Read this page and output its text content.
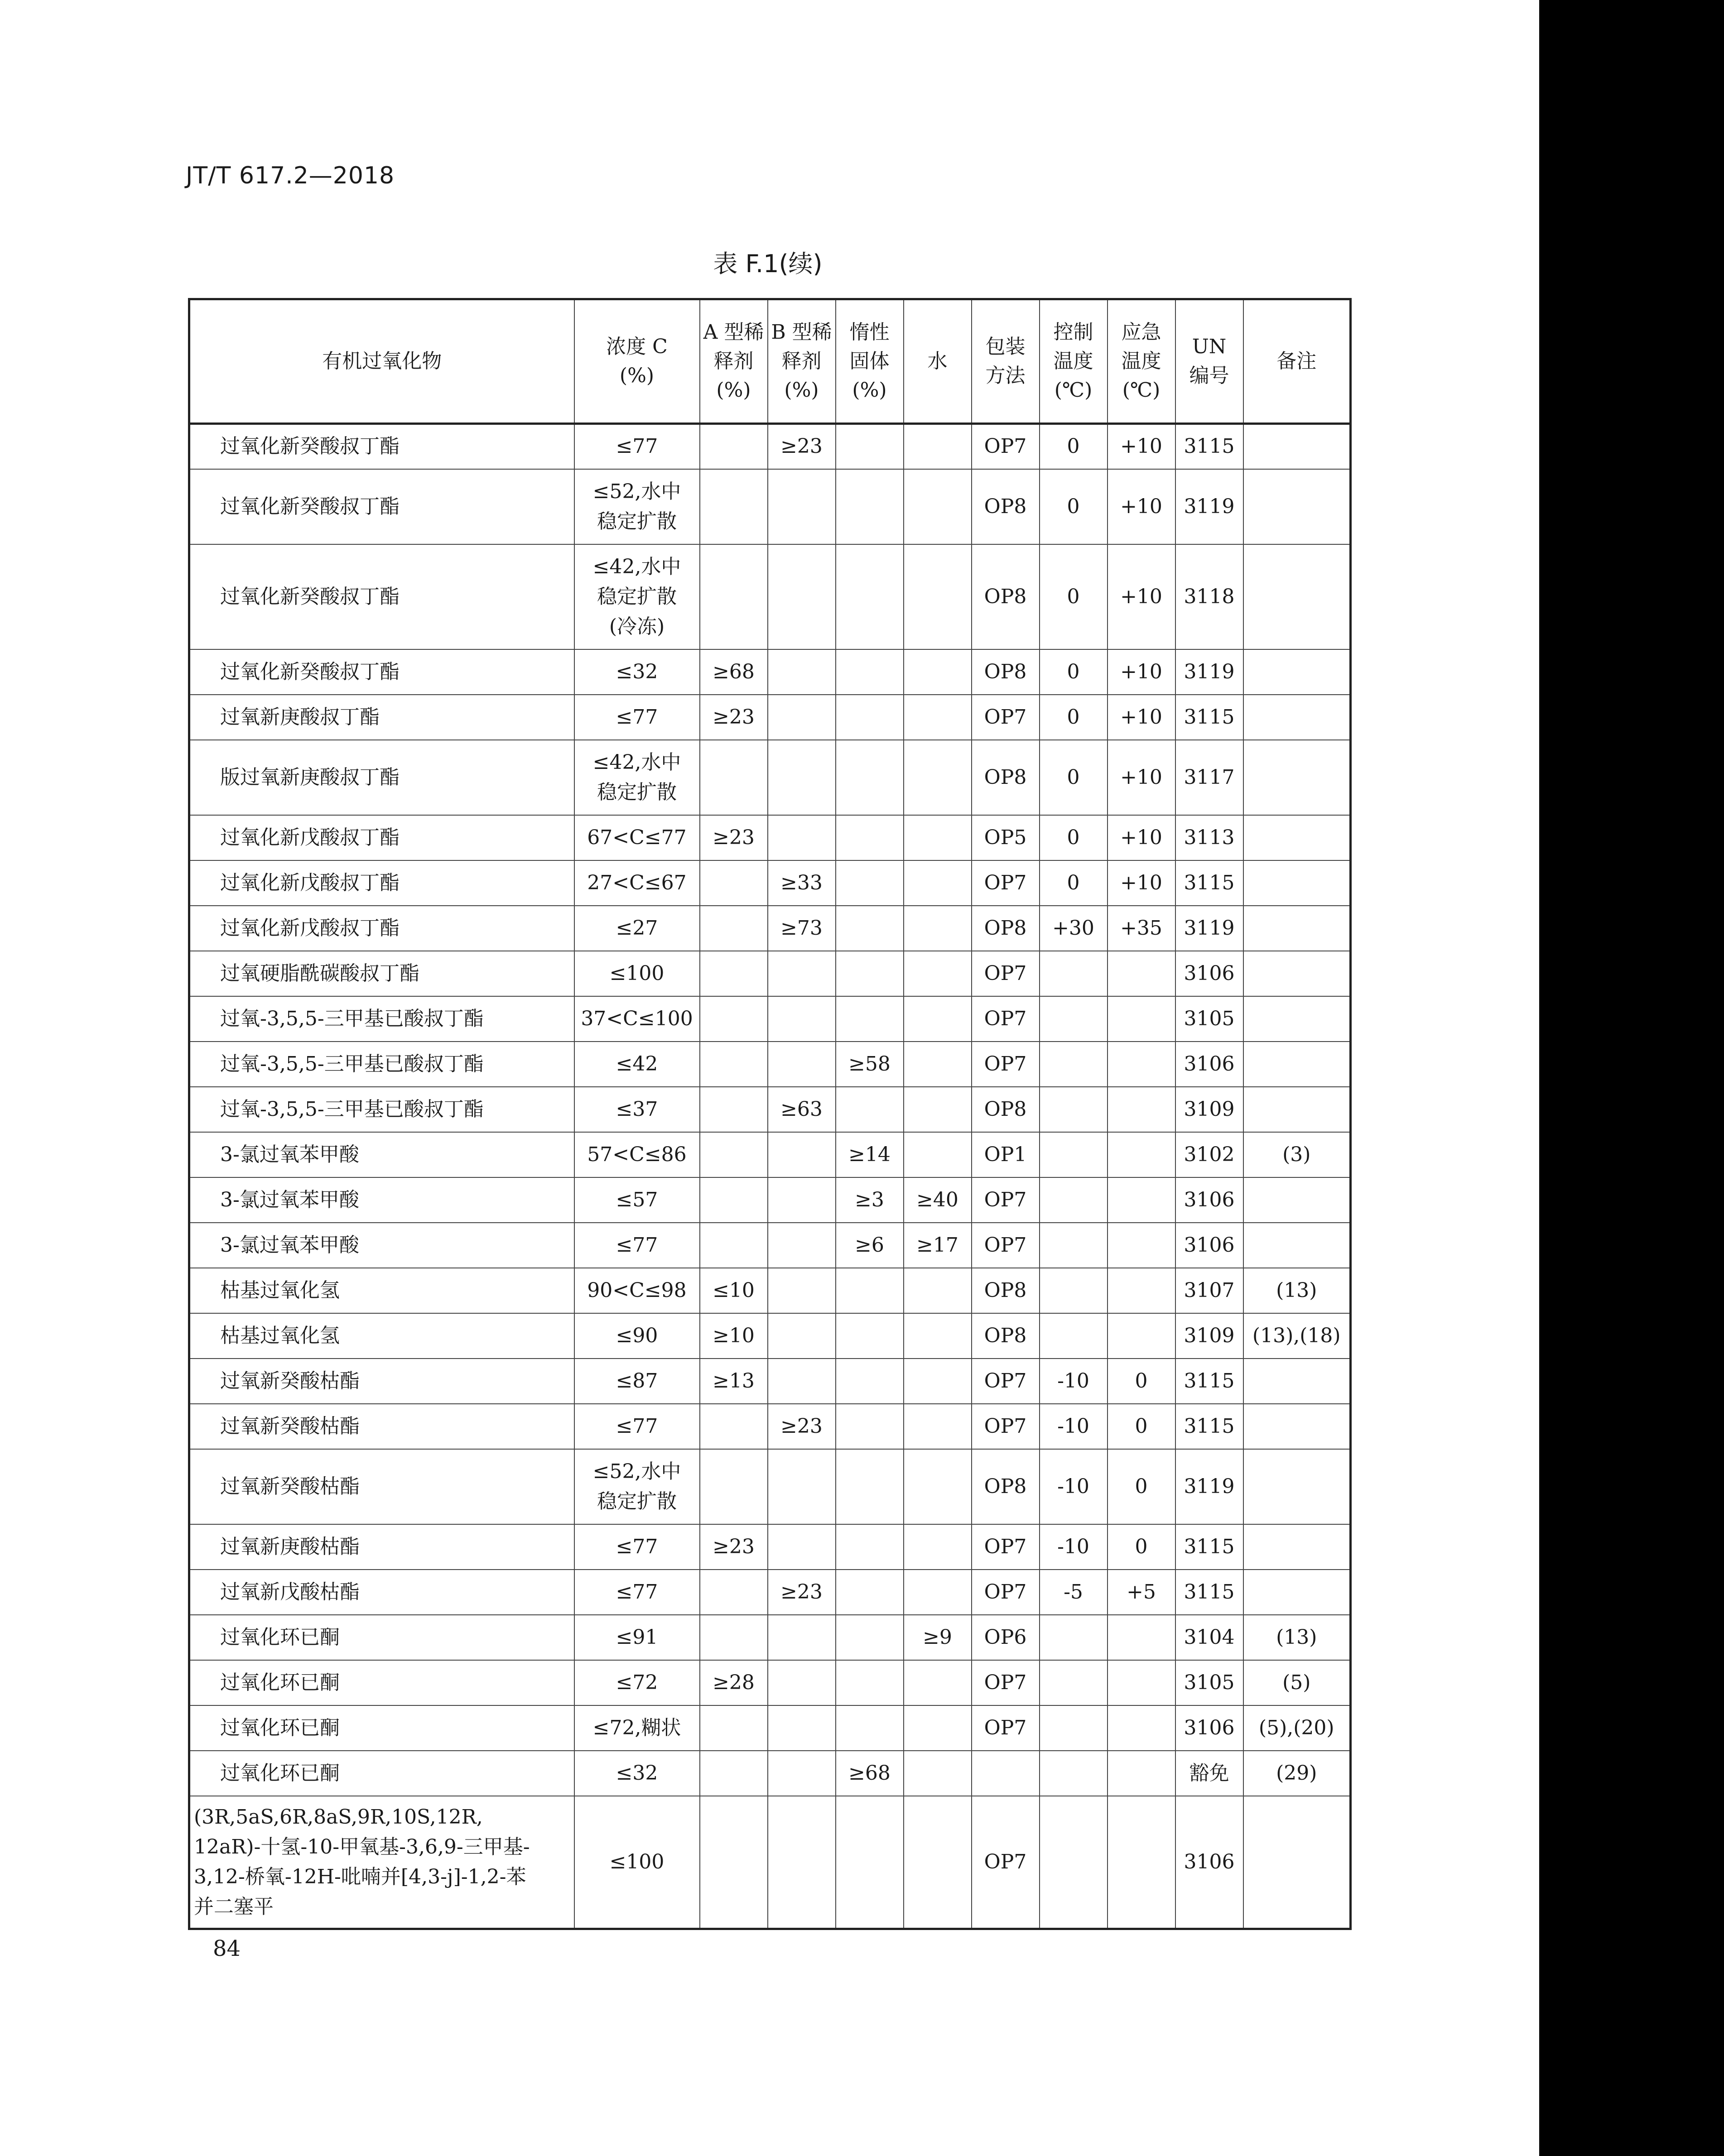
JT/T 617.2—2018
表 F.1(续)
有机过氧化物	浓度 C
(%)	A 型稀
释剂
(%)	B 型稀
释剂
(%)	惰性
固体
(%)	水	包装
方法	控制
温度
(℃)	应急
温度
(℃)	UN
编号	备注
过氧化新癸酸叔丁酯	≤77		≥23			OP7	0	+10	3115	
过氧化新癸酸叔丁酯	≤52,水中
稳定扩散					OP8	0	+10	3119	
过氧化新癸酸叔丁酯	≤42,水中
稳定扩散
(冷冻)					OP8	0	+10	3118	
过氧化新癸酸叔丁酯	≤32	≥68				OP8	0	+10	3119	
过氧新庚酸叔丁酯	≤77	≥23				OP7	0	+10	3115	
版过氧新庚酸叔丁酯	≤42,水中
稳定扩散					OP8	0	+10	3117	
过氧化新戊酸叔丁酯	67<C≤77	≥23				OP5	0	+10	3113	
过氧化新戊酸叔丁酯	27<C≤67		≥33			OP7	0	+10	3115	
过氧化新戊酸叔丁酯	≤27		≥73			OP8	+30	+35	3119	
过氧硬脂酰碳酸叔丁酯	≤100					OP7			3106	
过氧-3,5,5-三甲基已酸叔丁酯	37<C≤100					OP7			3105	
过氧-3,5,5-三甲基已酸叔丁酯	≤42			≥58		OP7			3106	
过氧-3,5,5-三甲基已酸叔丁酯	≤37		≥63			OP8			3109	
3-氯过氧苯甲酸	57<C≤86			≥14		OP1			3102	(3)
3-氯过氧苯甲酸	≤57			≥3	≥40	OP7			3106	
3-氯过氧苯甲酸	≤77			≥6	≥17	OP7			3106	
枯基过氧化氢	90<C≤98	≤10				OP8			3107	(13)
枯基过氧化氢	≤90	≥10				OP8			3109	(13),(18)
过氧新癸酸枯酯	≤87	≥13				OP7	-10	0	3115	
过氧新癸酸枯酯	≤77		≥23			OP7	-10	0	3115	
过氧新癸酸枯酯	≤52,水中
稳定扩散					OP8	-10	0	3119	
过氧新庚酸枯酯	≤77	≥23				OP7	-10	0	3115	
过氧新戊酸枯酯	≤77		≥23			OP7	-5	+5	3115	
过氧化环已酮	≤91				≥9	OP6			3104	(13)
过氧化环已酮	≤72	≥28				OP7			3105	(5)
过氧化环已酮	≤72,糊状					OP7			3106	(5),(20)
过氧化环已酮	≤32			≥68					豁免	(29)
(3R,5aS,6R,8aS,9R,10S,12R,
12aR)-十氢-10-甲氧基-3,6,9-三甲基-
3,12-桥氧-12H-吡喃并[4,3-j]-1,2-苯
并二塞平	≤100					OP7			3106	
84
